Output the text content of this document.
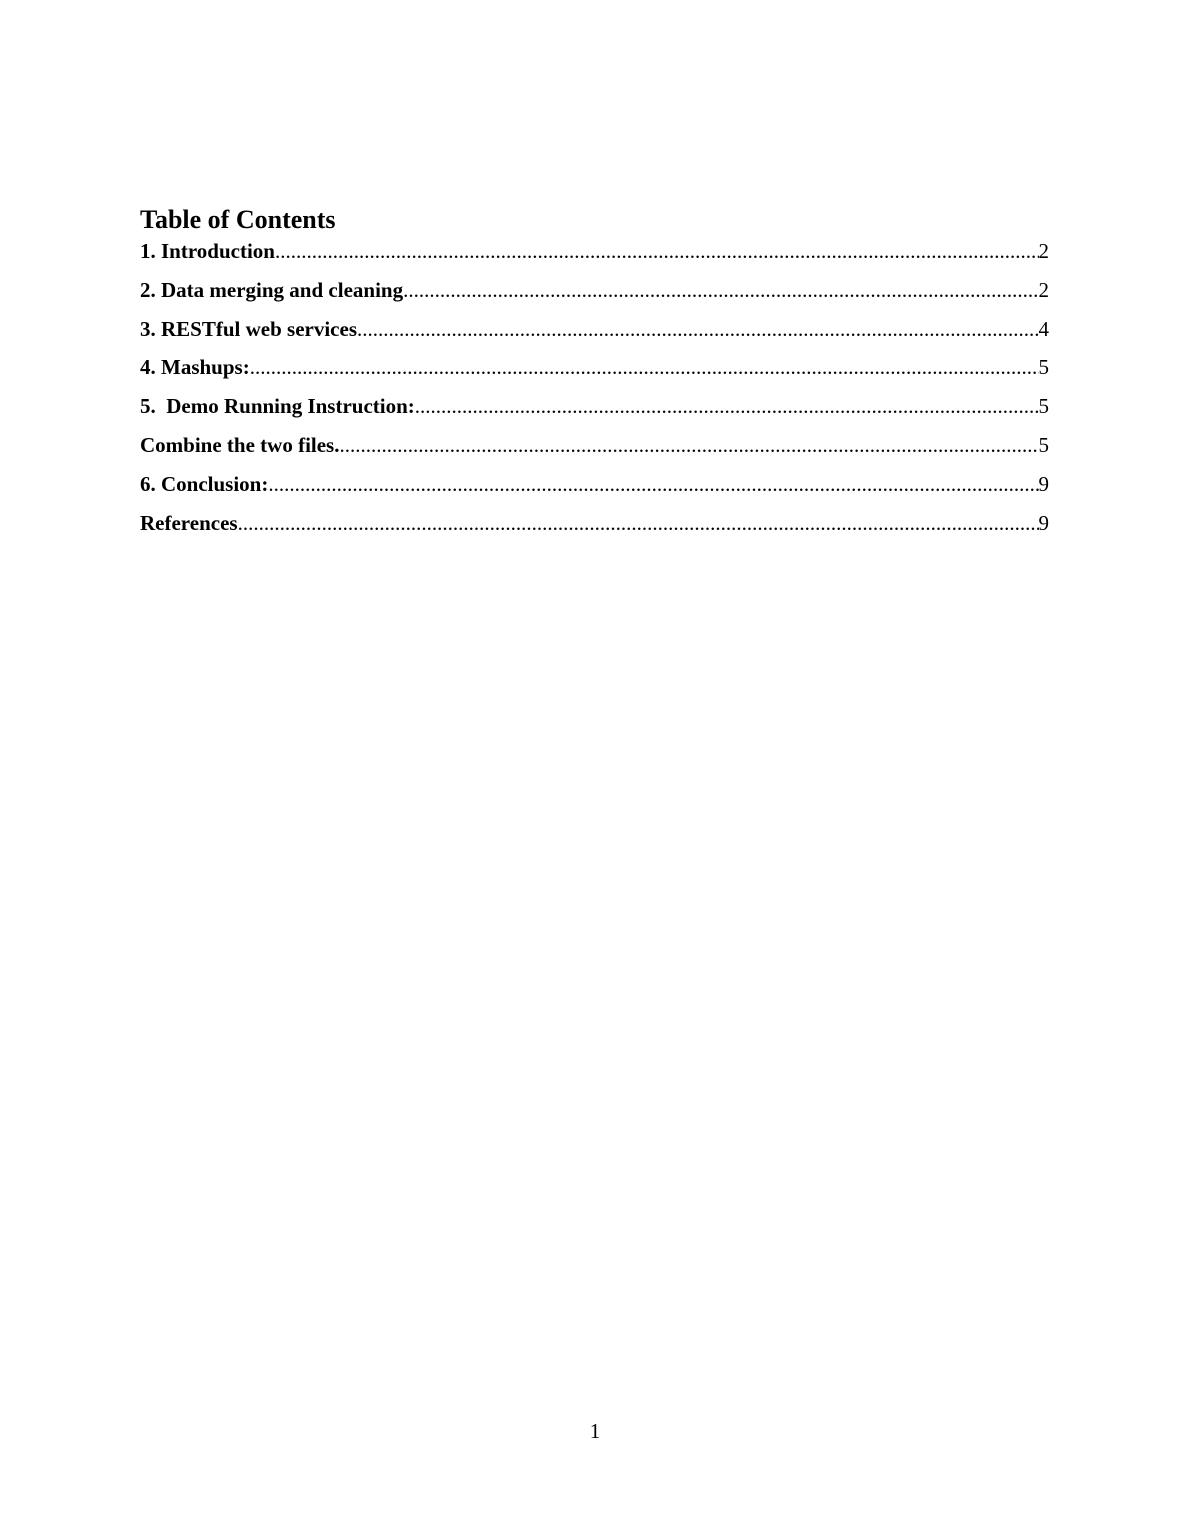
Table of Contents
1. Introduction .....	2
2. Data merging and cleaning .....	2
3. RESTful web services .....	4
4. Mashups: .....	5
5.  Demo Running Instruction: .....	5
Combine the two files. .....	5
6. Conclusion: .....	9
References .....	9
1
